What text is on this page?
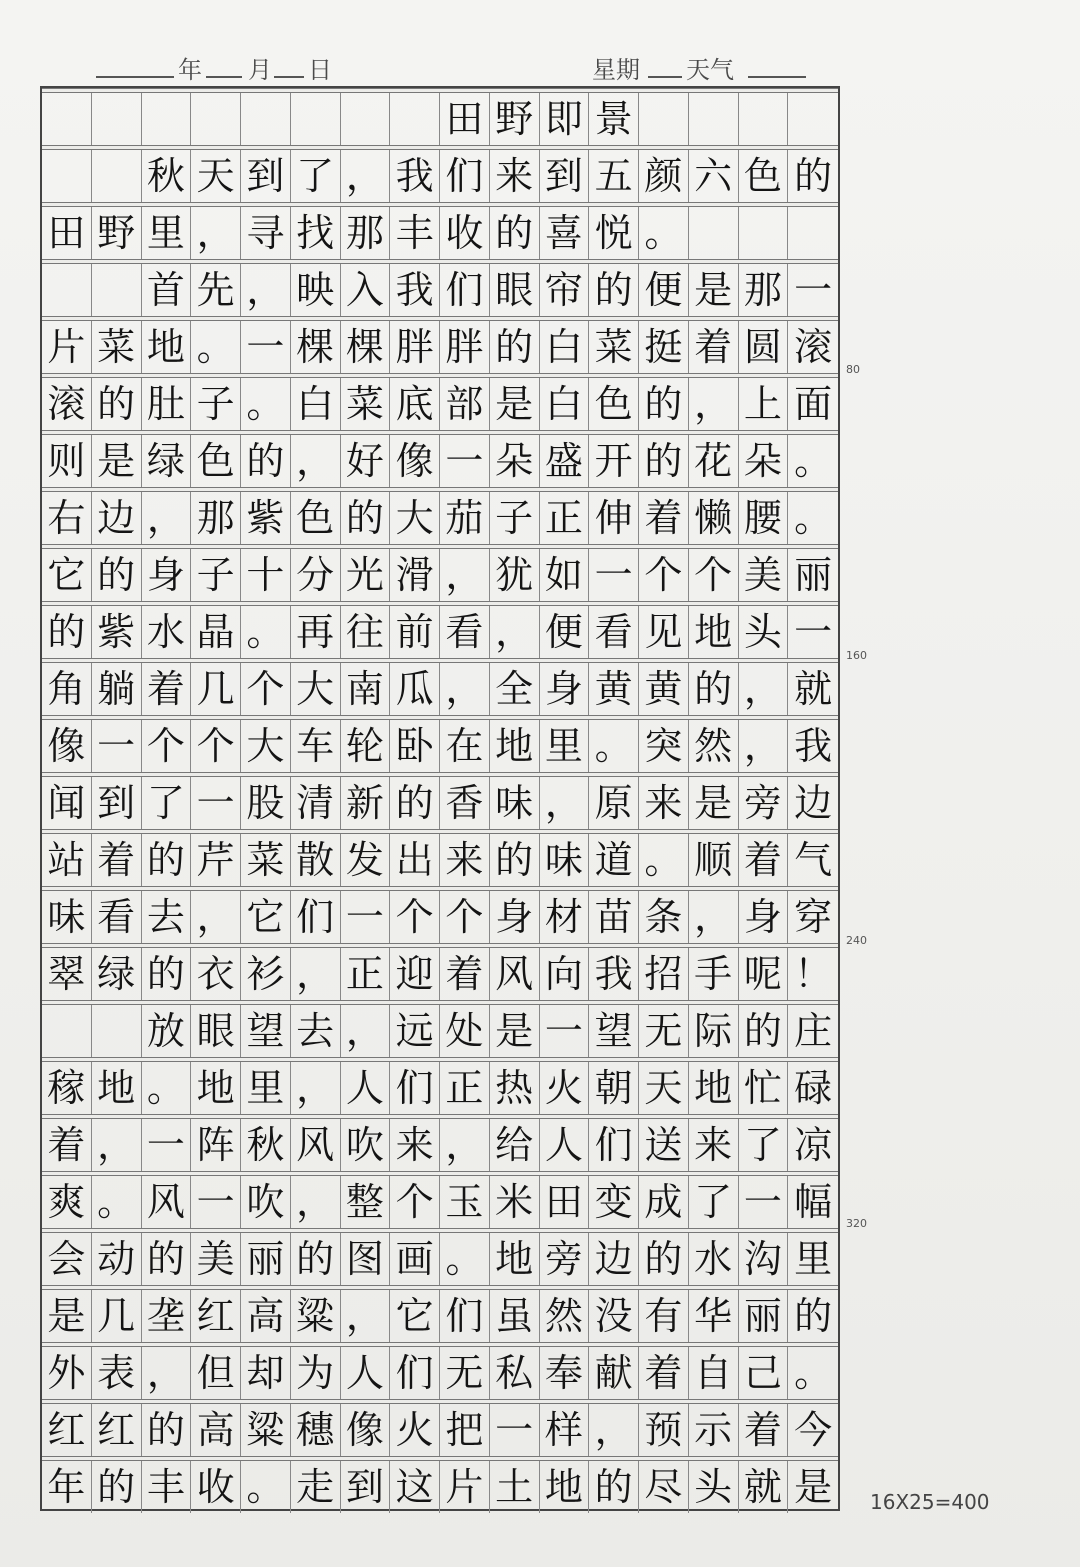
年 月 日	星期 天气
田 野 即 景
秋 天 到 了 ， 我 们 来 到 五 颜 六 色 的
田 野 里 ， 寻 找 那 丰 收 的 喜 悦 。
首 先 ， 映 入 我 们 眼 帘 的 便 是 那 一
片 菜 地 。 一 棵 棵 胖 胖 的 白 菜 挺 着 圆 滚
滚 的 肚 子 。 白 菜 底 部 是 白 色 的 ， 上 面
则 是 绿 色 的 ， 好 像 一 朵 盛 开 的 花 朵 。
右 边 ， 那 紫 色 的 大 茄 子 正 伸 着 懒 腰 。
它 的 身 子 十 分 光 滑 ， 犹 如 一 个 个 美 丽
的 紫 水 晶 。 再 往 前 看 ， 便 看 见 地 头 一
角 躺 着 几 个 大 南 瓜 ， 全 身 黄 黄 的 ， 就
像 一 个 个 大 车 轮 卧 在 地 里 。 突 然 ， 我
闻 到 了 一 股 清 新 的 香 味 ， 原 来 是 旁 边
站 着 的 芹 菜 散 发 出 来 的 味 道 。 顺 着 气
味 看 去 ， 它 们 一 个 个 身 材 苗 条 ， 身 穿
翠 绿 的 衣 衫 ， 正 迎 着 风 向 我 招 手 呢 ！
放 眼 望 去 ， 远 处 是 一 望 无 际 的 庄
稼 地 。 地 里 ， 人 们 正 热 火 朝 天 地 忙 碌
着 ， 一 阵 秋 风 吹 来 ， 给 人 们 送 来 了 凉
爽 。 风 一 吹 ， 整 个 玉 米 田 变 成 了 一 幅
会 动 的 美 丽 的 图 画 。 地 旁 边 的 水 沟 里
是 几 垄 红 高 粱 ， 它 们 虽 然 没 有 华 丽 的
外 表 ， 但 却 为 人 们 无 私 奉 献 着 自 己 。
红 红 的 高 粱 穗 像 火 把 一 样 ， 预 示 着 今
年 的 丰 收 。 走 到 这 片 土 地 的 尽 头 就 是
80
160
240
320
16X25=400
